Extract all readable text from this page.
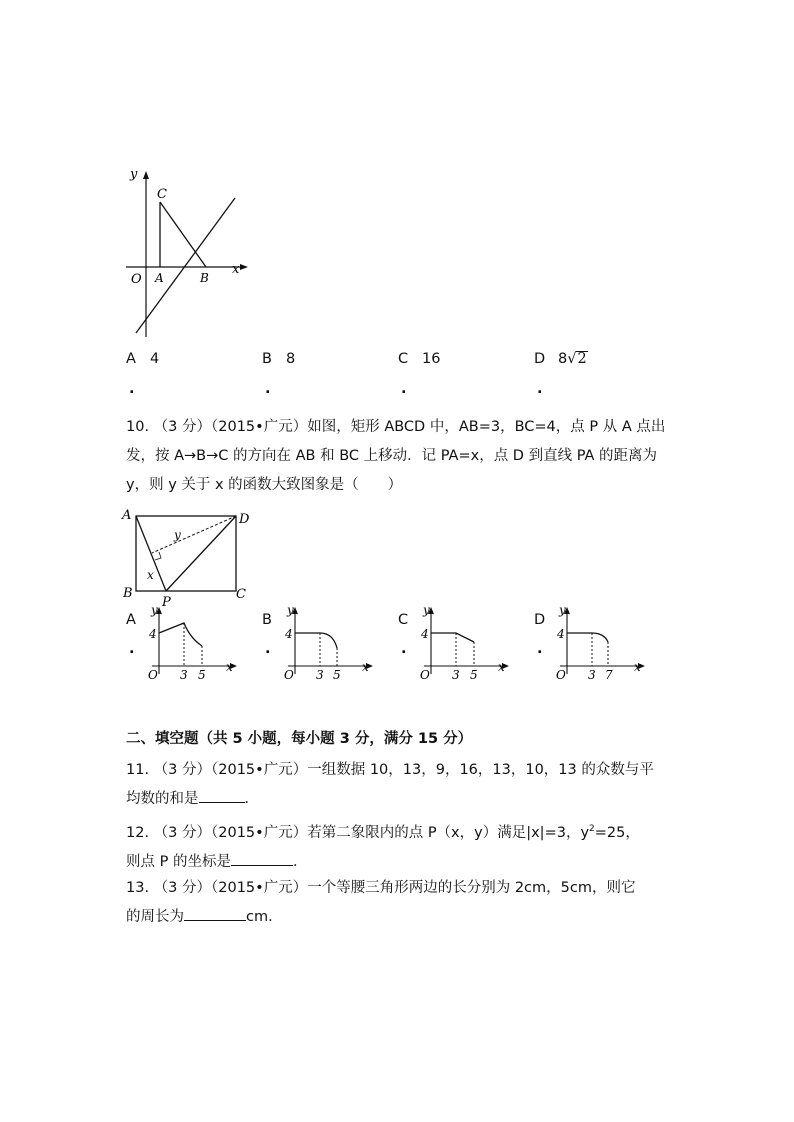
y
C
O A	B
x
A 4	B 8	C 16	D 8√2
.	.	.	.
10. （3 分）（2015•广元）如图，矩形 ABCD 中，AB=3，BC=4，点 P 从 A 点出
发，按 A→B→C 的方向在 AB 和 BC 上移动．记 PA=x，点 D 到直线 PA 的距离为
y，则 y 关于 x 的函数大致图象是（　　）
A	D
B	C
P
x
y
A
.
y
4
O 3 5
x
B
.
y
4
O 3 5
x
C
.
y
4
O 3 5
x
D
.
y
4
O 3 7
x
二、填空题（共 5 小题，每小题 3 分，满分 15 分）
11. （3 分）（2015•广元）一组数据 10，13，9，16，13，10，13 的众数与平
均数的和是	．
12. （3 分）（2015•广元）若第二象限内的点 P（x，y）满足|x|=3，$y^2=25$，
则点 P 的坐标是	．
13. （3 分）（2015•广元）一个等腰三角形两边的长分别为 2cm，5cm，则它
的周长为	cm．
